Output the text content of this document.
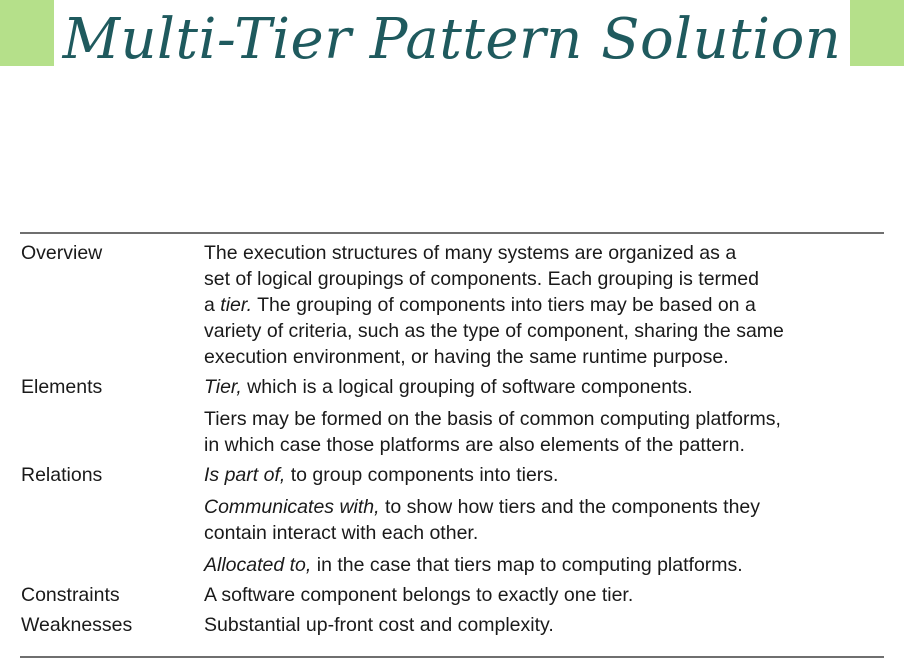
Multi-Tier Pattern Solution
Overview	The execution structures of many systems are organized as a
set of logical groupings of components. Each grouping is termed
a tier. The grouping of components into tiers may be based on a
variety of criteria, such as the type of component, sharing the same
execution environment, or having the same runtime purpose.
Elements	Tier, which is a logical grouping of software components.
Tiers may be formed on the basis of common computing platforms,
in which case those platforms are also elements of the pattern.
Relations	Is part of, to group components into tiers.
Communicates with, to show how tiers and the components they
contain interact with each other.
Allocated to, in the case that tiers map to computing platforms.
Constraints	A software component belongs to exactly one tier.
Weaknesses	Substantial up-front cost and complexity.
